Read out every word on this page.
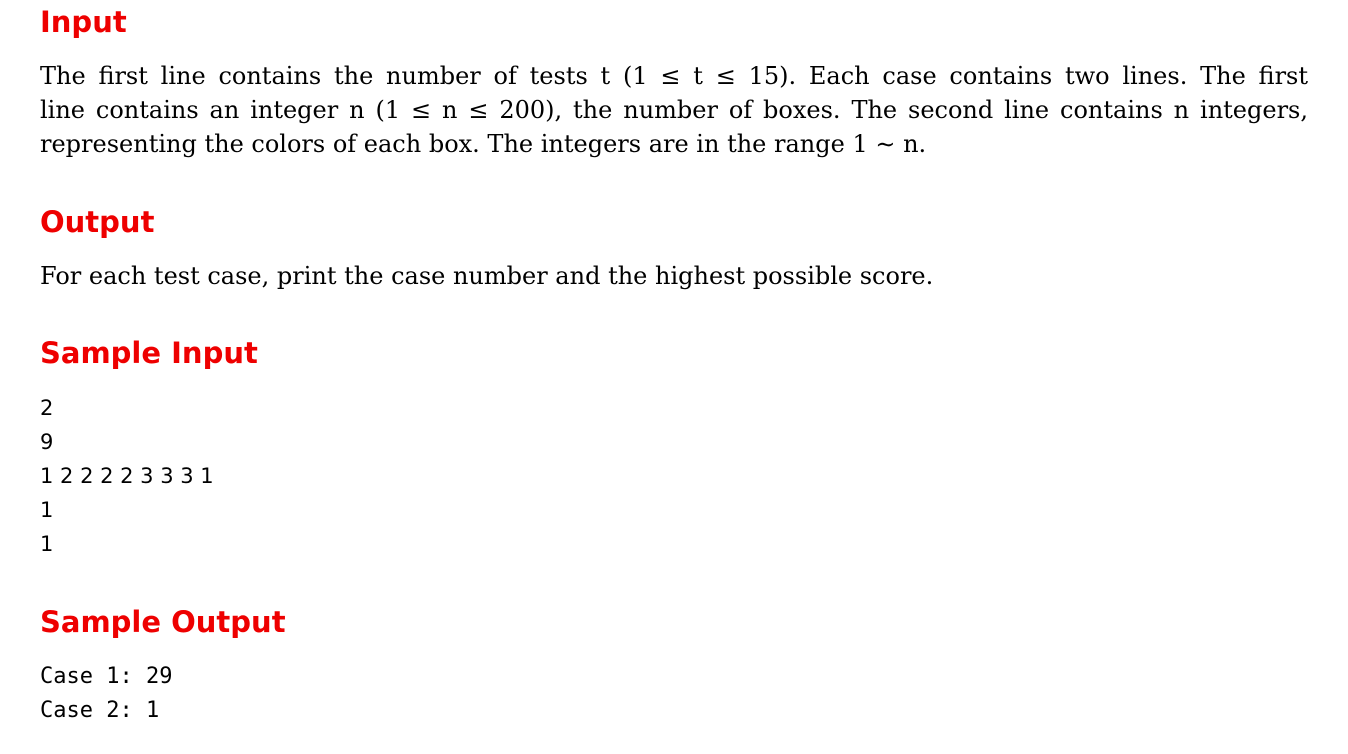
Input
The first line contains the number of tests t (1 ≤ t ≤ 15). Each case contains two lines. The first
line contains an integer n (1 ≤ n ≤ 200), the number of boxes. The second line contains n integers,
representing the colors of each box. The integers are in the range 1 ∼ n.
Output
For each test case, print the case number and the highest possible score.
Sample Input
2
9
1 2 2 2 2 3 3 3 1
1
1
Sample Output
Case 1: 29
Case 2: 1
